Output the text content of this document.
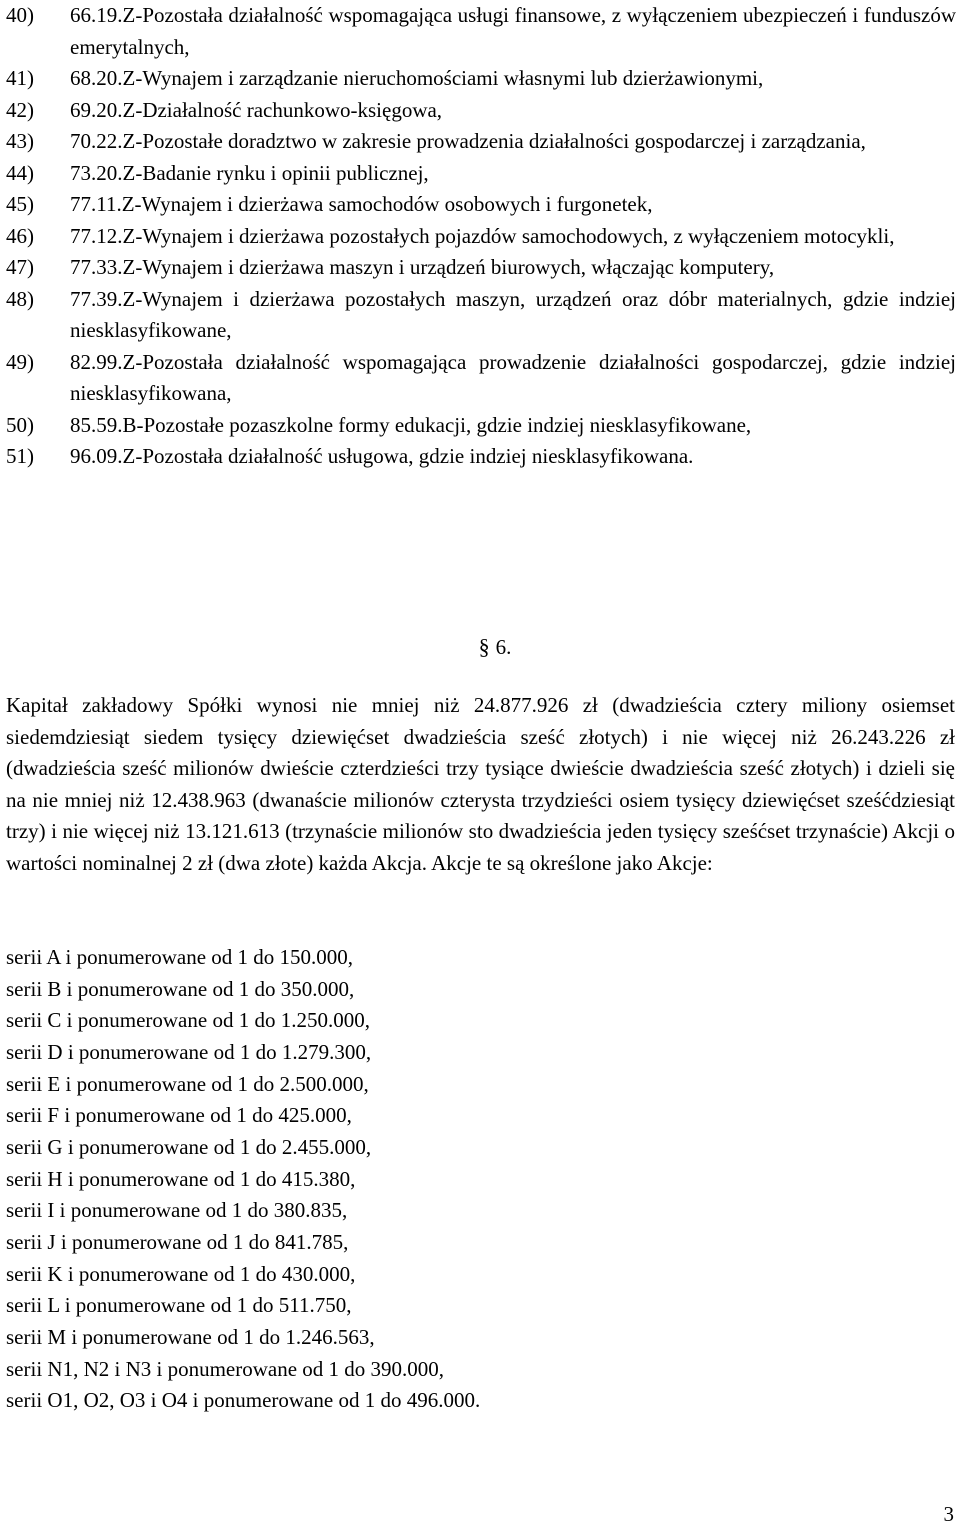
40)	66.19.Z-Pozostała działalność wspomagająca usługi finansowe, z wyłączeniem ubezpieczeń i funduszów emerytalnych,
41)	68.20.Z-Wynajem i zarządzanie nieruchomościami własnymi lub dzierżawionymi,
42)	69.20.Z-Działalność rachunkowo-księgowa,
43)	70.22.Z-Pozostałe doradztwo w zakresie prowadzenia działalności gospodarczej i zarządzania,
44)	73.20.Z-Badanie rynku i opinii publicznej,
45)	77.11.Z-Wynajem i dzierżawa samochodów osobowych i furgonetek,
46)	77.12.Z-Wynajem i dzierżawa pozostałych pojazdów samochodowych, z wyłączeniem motocykli,
47)	77.33.Z-Wynajem i dzierżawa maszyn i urządzeń biurowych, włączając komputery,
48)	77.39.Z-Wynajem i dzierżawa pozostałych maszyn, urządzeń oraz dóbr materialnych, gdzie indziej niesklasyfikowane,
49)	82.99.Z-Pozostała działalność wspomagająca prowadzenie działalności gospodarczej, gdzie indziej niesklasyfikowana,
50)	85.59.B-Pozostałe pozaszkolne formy edukacji, gdzie indziej niesklasyfikowane,
51)	96.09.Z-Pozostała działalność usługowa, gdzie indziej niesklasyfikowana.
§ 6.

Kapitał zakładowy Spółki wynosi nie mniej niż 24.877.926 zł (dwadzieścia cztery miliony osiemset siedemdziesiąt siedem tysięcy dziewięćset dwadzieścia sześć złotych) i nie więcej niż 26.243.226 zł (dwadzieścia sześć milionów dwieście czterdzieści trzy tysiące dwieście dwadzieścia sześć złotych) i dzieli się na nie mniej niż 12.438.963 (dwanaście milionów czterysta trzydzieści osiem tysięcy dziewięćset sześćdziesiąt trzy) i nie więcej niż 13.121.613 (trzynaście milionów sto dwadzieścia jeden tysięcy sześćset trzynaście) Akcji o wartości nominalnej 2 zł (dwa złote) każda Akcja. Akcje te są określone jako Akcje:

serii A i ponumerowane od 1 do 150.000,
serii B i ponumerowane od 1 do 350.000,
serii C i ponumerowane od 1 do 1.250.000,
serii D i ponumerowane od 1 do 1.279.300,
serii E i ponumerowane od 1 do 2.500.000,
serii F i ponumerowane od 1 do 425.000,
serii G i ponumerowane od 1 do 2.455.000,
serii H i ponumerowane od 1 do 415.380,
serii I i ponumerowane od 1 do 380.835,
serii J i ponumerowane od 1 do 841.785,
serii K i ponumerowane od 1 do 430.000,
serii L i ponumerowane od 1 do 511.750,
serii M i ponumerowane od 1 do 1.246.563,
serii N1, N2 i N3 i ponumerowane od 1 do 390.000,
serii O1, O2, O3 i O4 i ponumerowane od 1 do 496.000.
3
